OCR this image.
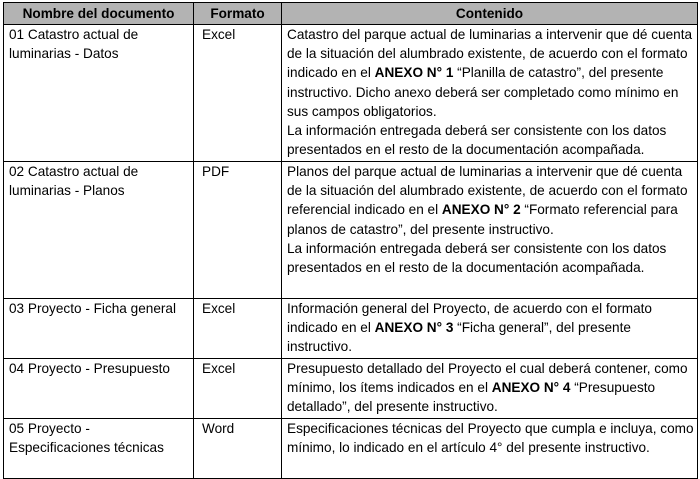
Nombre del documento	Formato	Contenido
01 Catastro actual de luminarias - Datos	Excel	Catastro del parque actual de luminarias a intervenir que dé cuenta de la situación del alumbrado existente, de acuerdo con el formato indicado en el ANEXO N° 1 “Planilla de catastro”, del presente instructivo. Dicho anexo deberá ser completado como mínimo en sus campos obligatorios.
La información entregada deberá ser consistente con los datos presentados en el resto de la documentación acompañada.
02 Catastro actual de luminarias - Planos	PDF	Planos del parque actual de luminarias a intervenir que dé cuenta de la situación del alumbrado existente, de acuerdo con el formato referencial indicado en el ANEXO N° 2 “Formato referencial para planos de catastro”, del presente instructivo.
La información entregada deberá ser consistente con los datos presentados en el resto de la documentación acompañada.
03 Proyecto - Ficha general	Excel	Información general del Proyecto, de acuerdo con el formato indicado en el ANEXO N° 3 “Ficha general”, del presente instructivo.
04 Proyecto - Presupuesto	Excel	Presupuesto detallado del Proyecto el cual deberá contener, como mínimo, los ítems indicados en el ANEXO N° 4 “Presupuesto detallado”, del presente instructivo.
05 Proyecto - Especificaciones técnicas	Word	Especificaciones técnicas del Proyecto que cumpla e incluya, como mínimo, lo indicado en el artículo 4° del presente instructivo.
